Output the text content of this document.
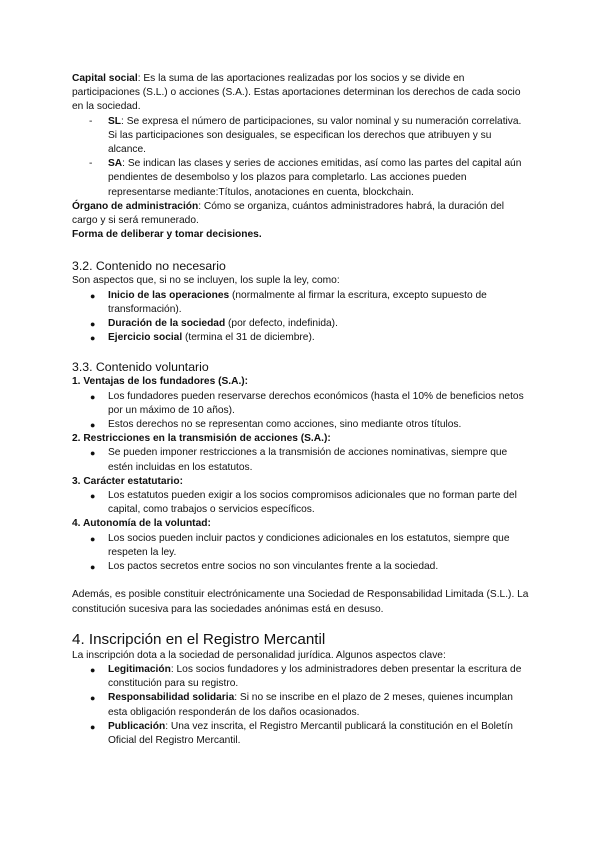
Capital social: Es la suma de las aportaciones realizadas por los socios y se divide en participaciones (S.L.) o acciones (S.A.). Estas aportaciones determinan los derechos de cada socio en la sociedad.

- SL: Se expresa el número de participaciones, su valor nominal y su numeración correlativa. Si las participaciones son desiguales, se especifican los derechos que atribuyen y su alcance.
- SA: Se indican las clases y series de acciones emitidas, así como las partes del capital aún pendientes de desembolso y los plazos para completarlo. Las acciones pueden representarse mediante:Títulos, anotaciones en cuenta, blockchain.

Órgano de administración: Cómo se organiza, cuántos administradores habrá, la duración del cargo y si será remunerado.

Forma de deliberar y tomar decisiones.

3.2. Contenido no necesario

Son aspectos que, si no se incluyen, los suple la ley, como:

● Inicio de las operaciones (normalmente al firmar la escritura, excepto supuesto de transformación).
● Duración de la sociedad (por defecto, indefinida).
● Ejercicio social (termina el 31 de diciembre).
3.3. Contenido voluntario

1. Ventajas de los fundadores (S.A.):

● Los fundadores pueden reservarse derechos económicos (hasta el 10% de beneficios netos por un máximo de 10 años).
● Estos derechos no se representan como acciones, sino mediante otros títulos.

2. Restricciones en la transmisión de acciones (S.A.):

● Se pueden imponer restricciones a la transmisión de acciones nominativas, siempre que estén incluidas en los estatutos.

3. Carácter estatutario:

● Los estatutos pueden exigir a los socios compromisos adicionales que no forman parte del capital, como trabajos o servicios específicos.

4. Autonomía de la voluntad:

● Los socios pueden incluir pactos y condiciones adicionales en los estatutos, siempre que respeten la ley.
● Los pactos secretos entre socios no son vinculantes frente a la sociedad.

Además, es posible constituir electrónicamente una Sociedad de Responsabilidad Limitada (S.L.). La constitución sucesiva para las sociedades anónimas está en desuso.

4. Inscripción en el Registro Mercantil

La inscripción dota a la sociedad de personalidad jurídica. Algunos aspectos clave:

● Legitimación: Los socios fundadores y los administradores deben presentar la escritura de constitución para su registro.
● Responsabilidad solidaria: Si no se inscribe en el plazo de 2 meses, quienes incumplan esta obligación responderán de los daños ocasionados.
● Publicación: Una vez inscrita, el Registro Mercantil publicará la constitución en el Boletín Oficial del Registro Mercantil.
